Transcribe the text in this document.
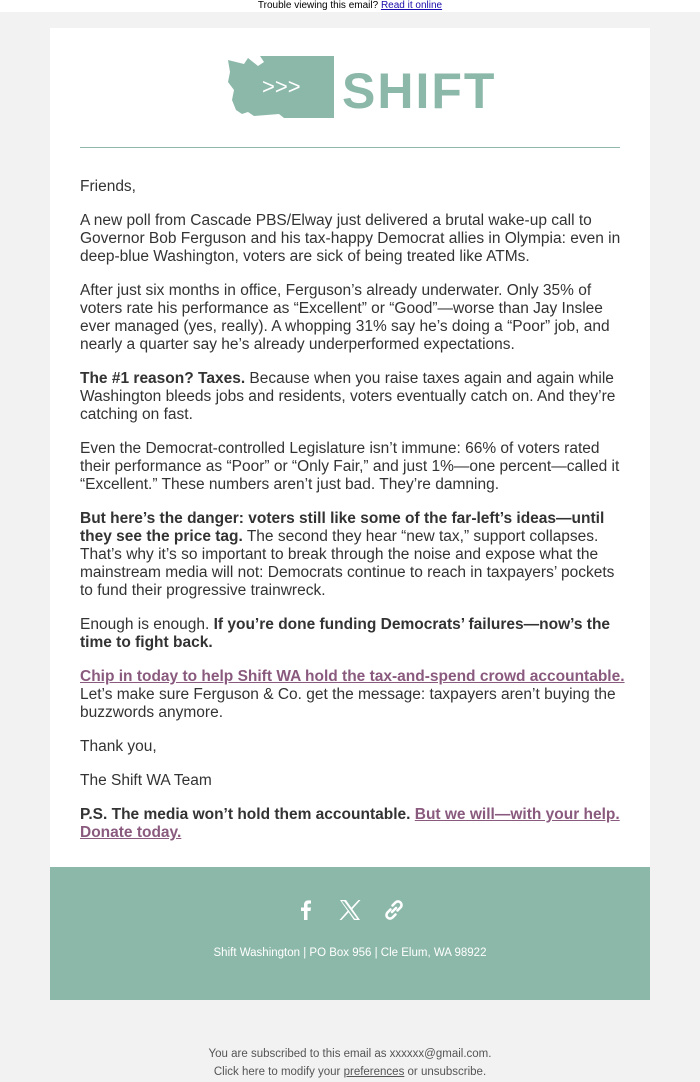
Trouble viewing this email? Read it online
>>> SHIFT

Friends,

A new poll from Cascade PBS/Elway just delivered a brutal wake-up call to Governor Bob Ferguson and his tax-happy Democrat allies in Olympia: even in deep-blue Washington, voters are sick of being treated like ATMs.

After just six months in office, Ferguson’s already underwater. Only 35% of voters rate his performance as “Excellent” or “Good”—worse than Jay Inslee ever managed (yes, really). A whopping 31% say he’s doing a “Poor” job, and nearly a quarter say he’s already underperformed expectations.

The #1 reason? Taxes. Because when you raise taxes again and again while Washington bleeds jobs and residents, voters eventually catch on. And they’re catching on fast.

Even the Democrat-controlled Legislature isn’t immune: 66% of voters rated their performance as “Poor” or “Only Fair,” and just 1%—one percent—called it “Excellent.” These numbers aren’t just bad. They’re damning.

But here’s the danger: voters still like some of the far-left’s ideas—until they see the price tag. The second they hear “new tax,” support collapses. That’s why it’s so important to break through the noise and expose what the mainstream media will not: Democrats continue to reach in taxpayers’ pockets to fund their progressive trainwreck.

Enough is enough. If you’re done funding Democrats’ failures—now’s the time to fight back.

Chip in today to help Shift WA hold the tax-and-spend crowd accountable. Let’s make sure Ferguson & Co. get the message: taxpayers aren’t buying the buzzwords anymore.

Thank you,

The Shift WA Team

P.S. The media won’t hold them accountable. But we will—with your help. Donate today.

Shift Washington | PO Box 956 | Cle Elum, WA 98922
You are subscribed to this email as xxxxxx@gmail.com.
Click here to modify your preferences or unsubscribe.
